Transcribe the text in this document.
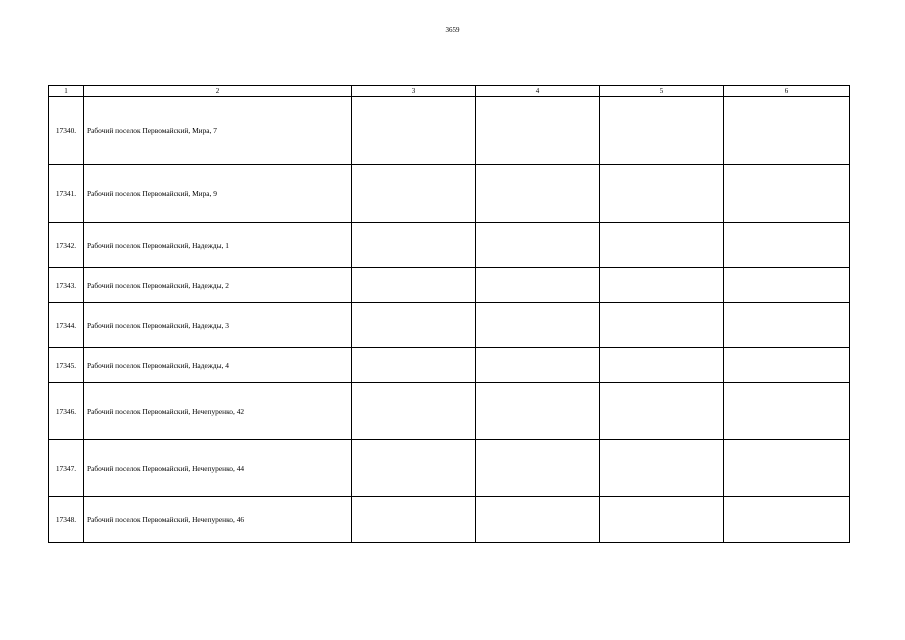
3659
1	2	3	4	5	6
17340.	Рабочий поселок Первомайский, Мира, 7				
17341.	Рабочий поселок Первомайский, Мира, 9				
17342.	Рабочий поселок Первомайский, Надежды, 1				
17343.	Рабочий поселок Первомайский, Надежды, 2				
17344.	Рабочий поселок Первомайский, Надежды, 3				
17345.	Рабочий поселок Первомайский, Надежды, 4				
17346.	Рабочий поселок Первомайский, Нечепуренко, 42				
17347.	Рабочий поселок Первомайский, Нечепуренко, 44				
17348.	Рабочий поселок Первомайский, Нечепуренко, 46				
